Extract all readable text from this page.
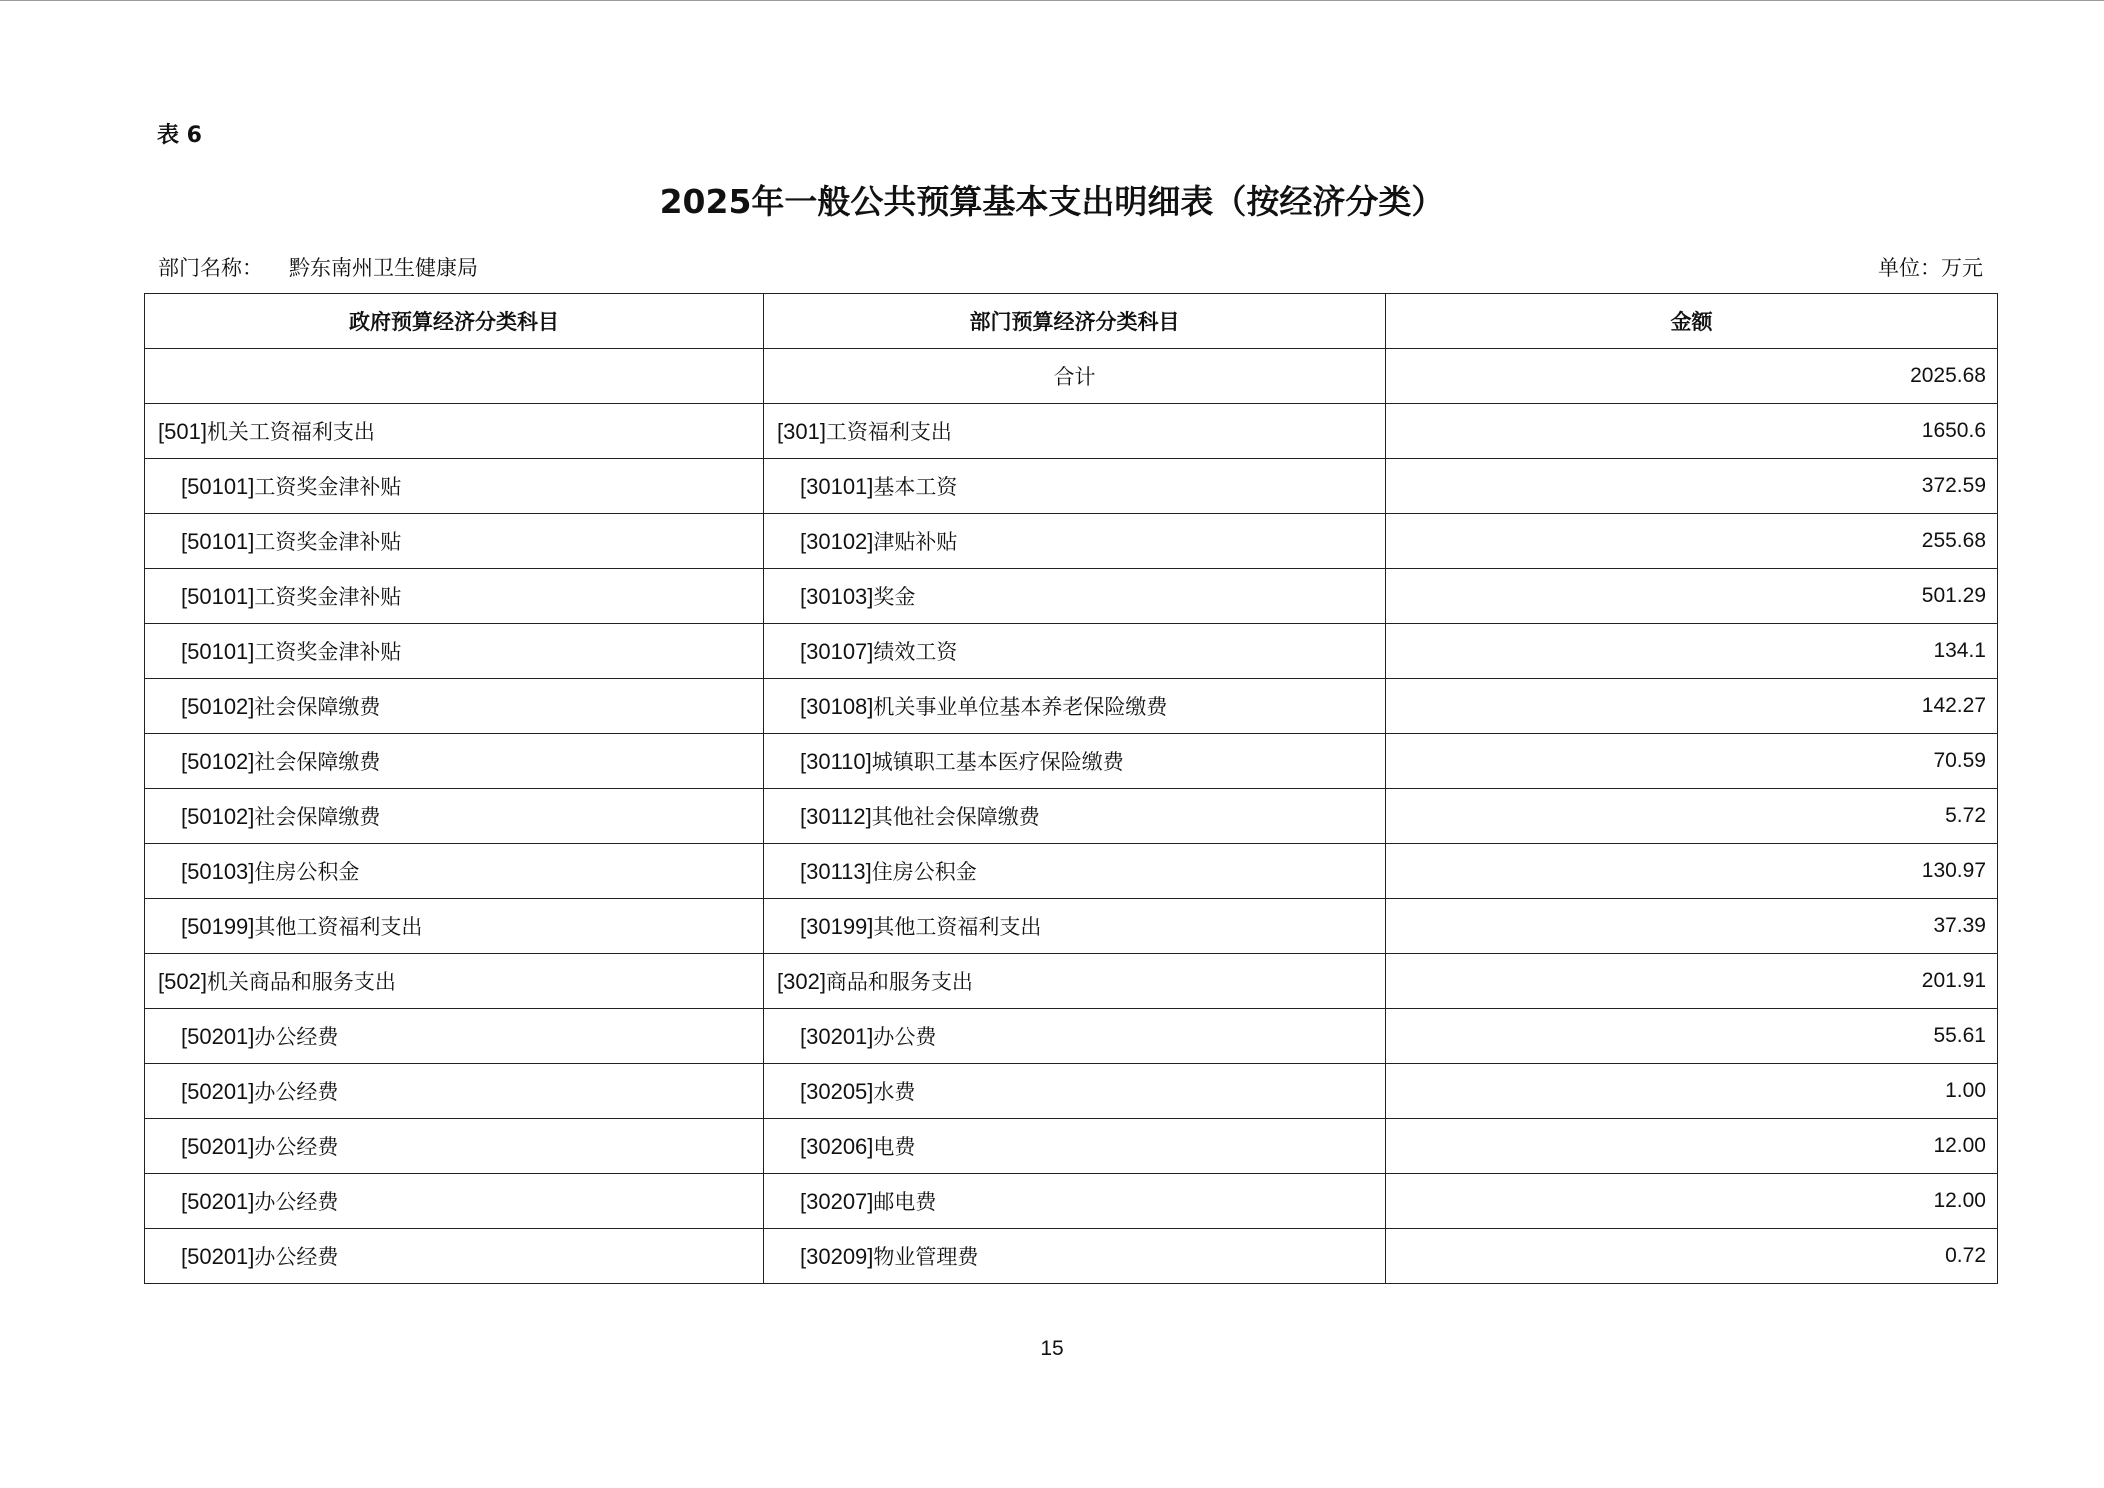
表 6
2025年一般公共预算基本支出明细表（按经济分类）
部门名称： 黔东南州卫生健康局	单位：万元
政府预算经济分类科目	部门预算经济分类科目	金额
	合计	2025.68
[501]机关工资福利支出	[301]工资福利支出	1650.6
[50101]工资奖金津补贴	[30101]基本工资	372.59
[50101]工资奖金津补贴	[30102]津贴补贴	255.68
[50101]工资奖金津补贴	[30103]奖金	501.29
[50101]工资奖金津补贴	[30107]绩效工资	134.1
[50102]社会保障缴费	[30108]机关事业单位基本养老保险缴费	142.27
[50102]社会保障缴费	[30110]城镇职工基本医疗保险缴费	70.59
[50102]社会保障缴费	[30112]其他社会保障缴费	5.72
[50103]住房公积金	[30113]住房公积金	130.97
[50199]其他工资福利支出	[30199]其他工资福利支出	37.39
[502]机关商品和服务支出	[302]商品和服务支出	201.91
[50201]办公经费	[30201]办公费	55.61
[50201]办公经费	[30205]水费	1.00
[50201]办公经费	[30206]电费	12.00
[50201]办公经费	[30207]邮电费	12.00
[50201]办公经费	[30209]物业管理费	0.72
15
